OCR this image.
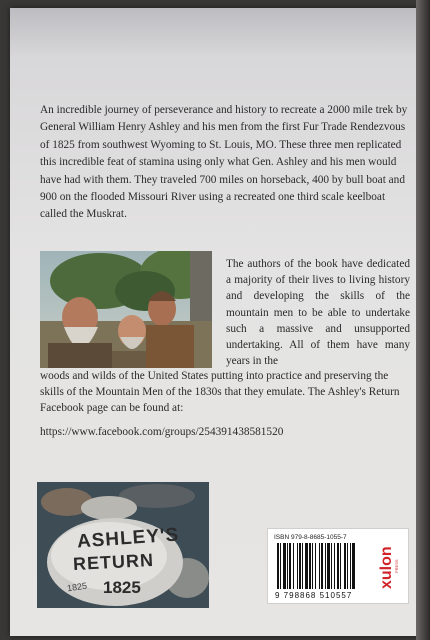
An incredible journey of perseverance and history to recreate a 2000 mile trek by General William Henry Ashley and his men from the first Fur Trade Rendezvous of 1825 from southwest Wyoming to St. Louis, MO. These three men replicated this incredible feat of stamina using only what Gen. Ashley and his men would have had with them. They traveled 700 miles on horseback, 400 by bull boat and 900 on the flooded Missouri River using a recreated one third scale keelboat called the Muskrat.

The authors of the book have dedicated a majority of their lives to living history and developing the skills of the mountain men to be able to undertake such a massive and unsupported undertaking. All of them have many years in the

woods and wilds of the United States putting into practice and preserving the skills of the Mountain Men of the 1830s that they emulate. The Ashley's Return Facebook page can be found at:

https://www.facebook.com/groups/254391438581520
ASHLEY'S
RETURN
1825 1825
ISBN 979-8-8685-1055-7
9 798868 510557
xulon PRESS
